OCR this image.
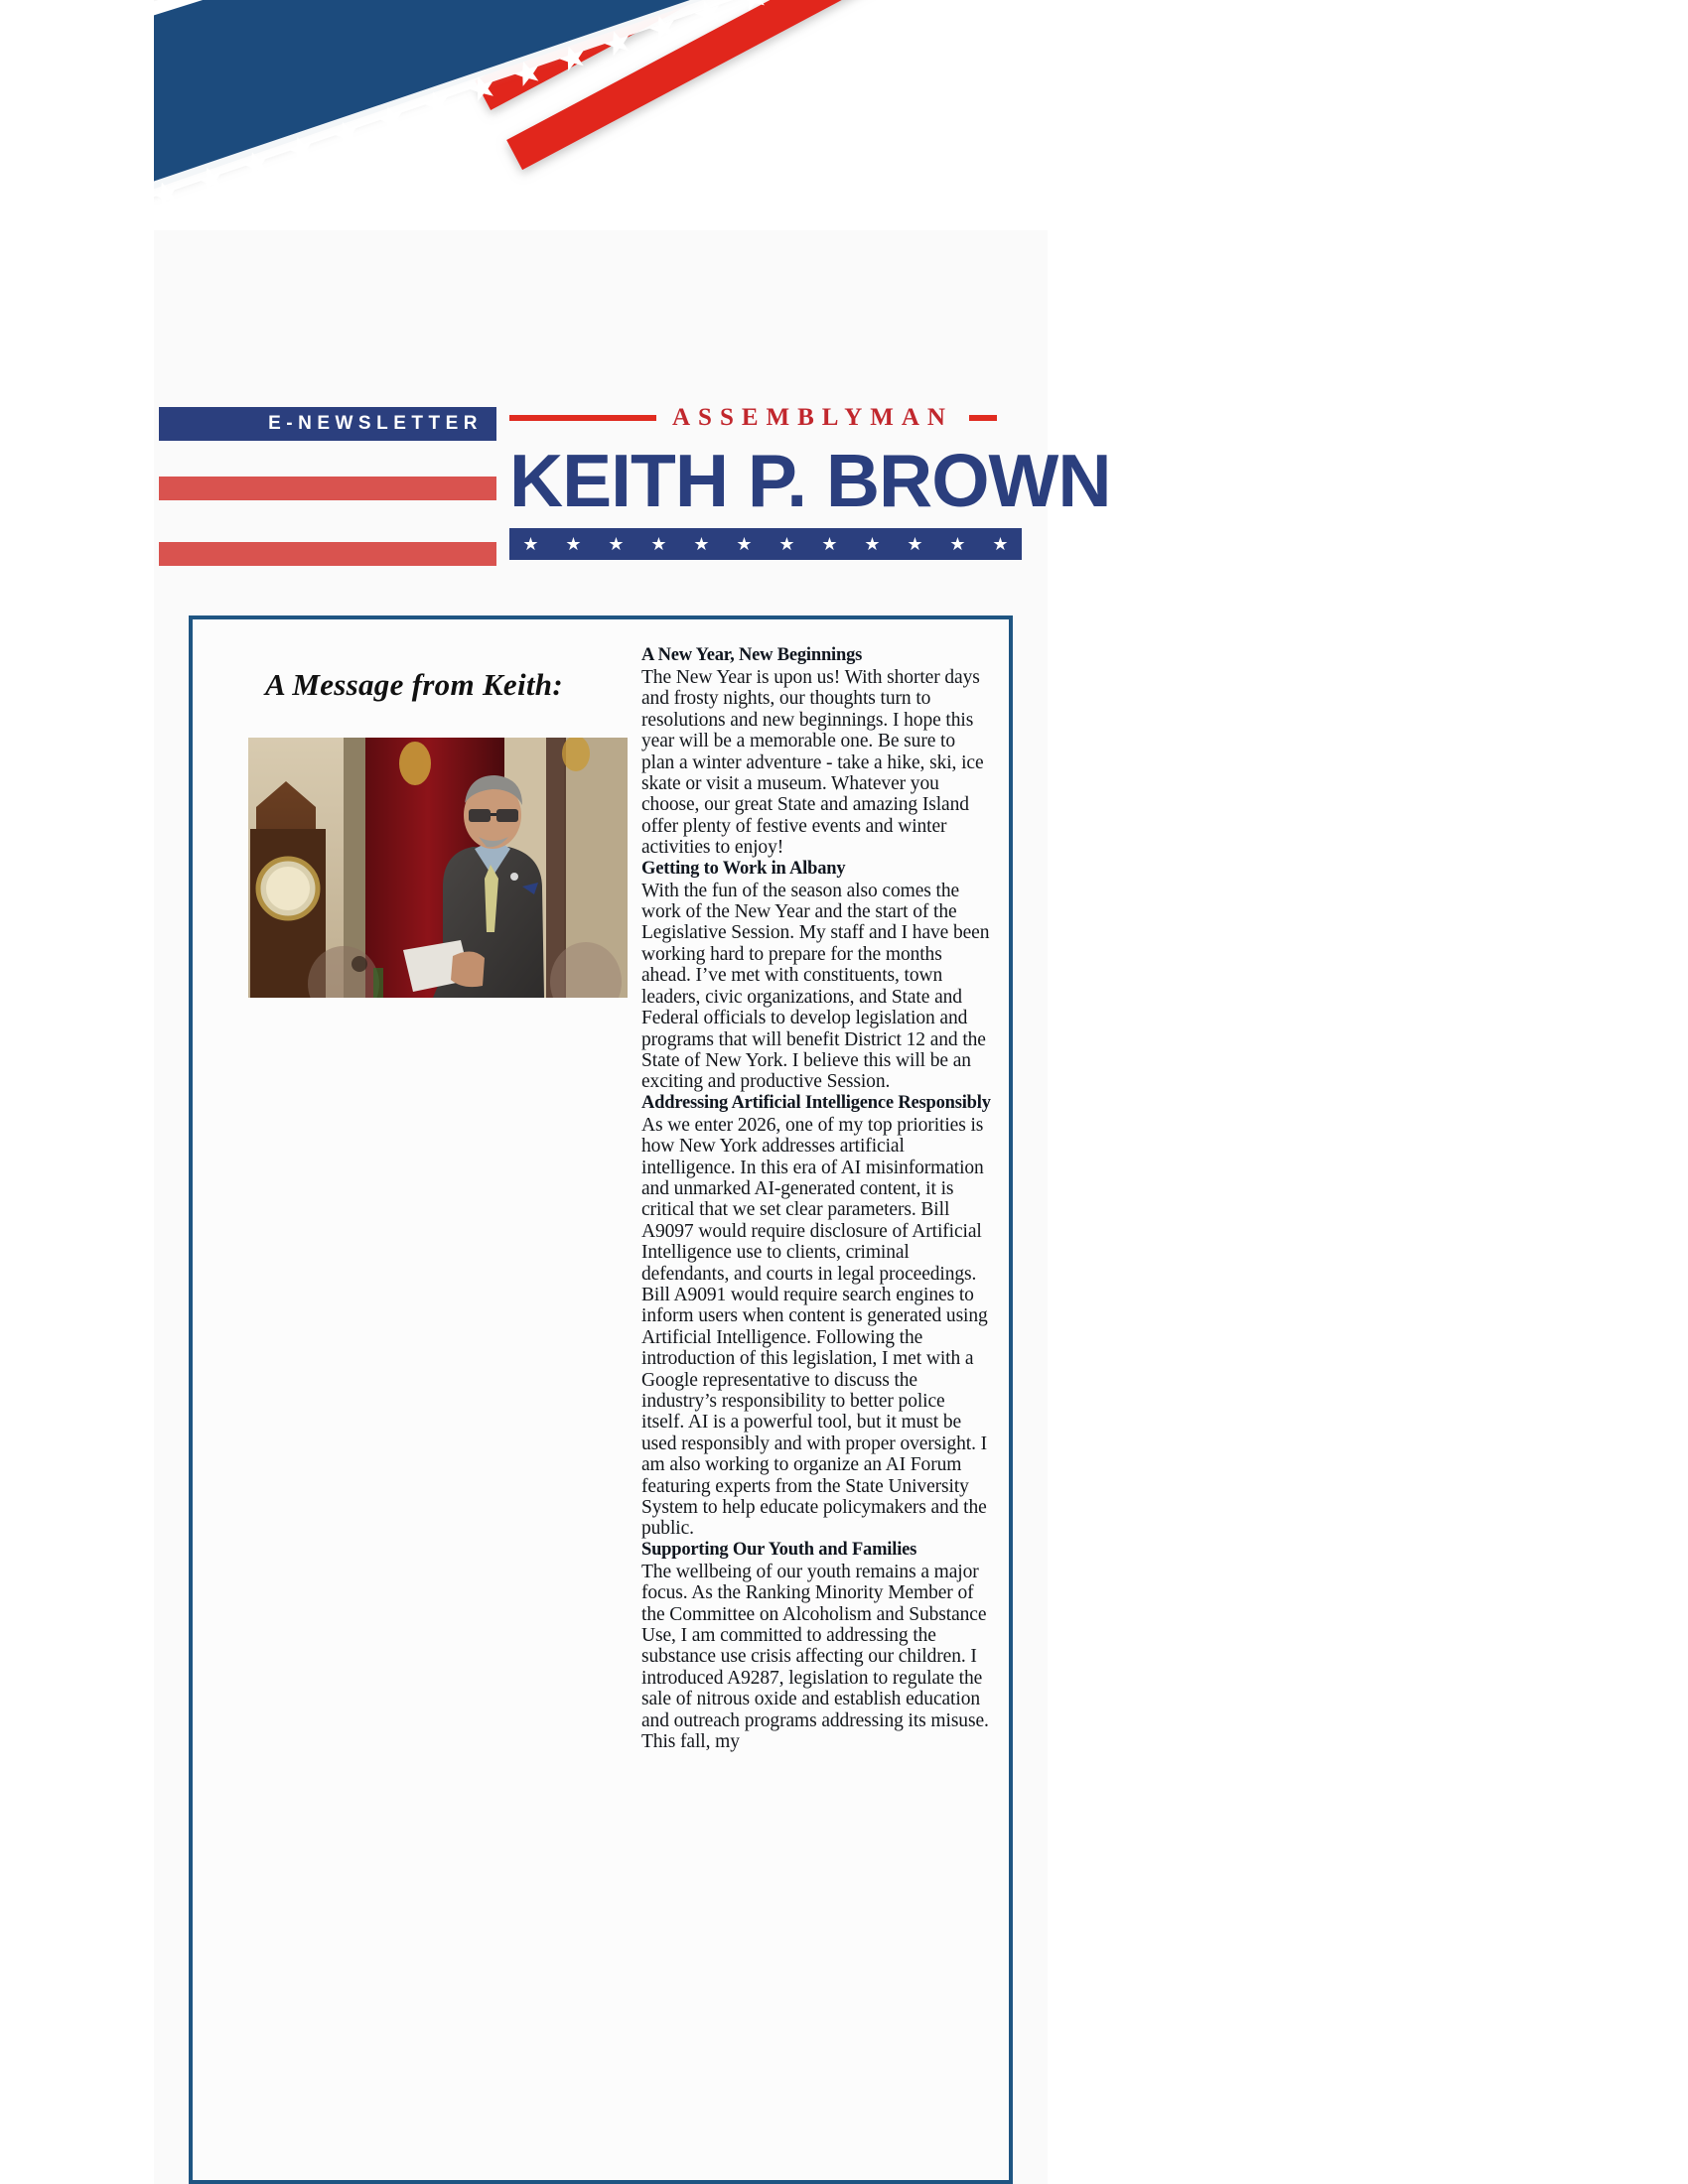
E-NEWSLETTER	ASSEMBLYMAN
KEITH P. BROWN
★ ★ ★ ★ ★ ★ ★ ★ ★ ★ ★ ★
A Message from Keith:

A New Year, New Beginnings

The New Year is upon us! With shorter days and frosty nights, our thoughts turn to resolutions and new beginnings. I hope this year will be a memorable one. Be sure to plan a winter adventure - take a hike, ski, ice skate or visit a museum. Whatever you choose, our great State and amazing Island offer plenty of festive events and winter activities to enjoy!

Getting to Work in Albany

With the fun of the season also comes the work of the New Year and the start of the Legislative Session. My staff and I have been working hard to prepare for the months ahead. I’ve met with constituents, town leaders, civic organizations, and State and Federal officials to develop legislation and programs that will benefit District 12 and the State of New York. I believe this will be an exciting and productive Session.

Addressing Artificial Intelligence Responsibly

As we enter 2026, one of my top priorities is how New York addresses artificial intelligence. In this era of AI misinformation and unmarked AI-generated content, it is critical that we set clear parameters. Bill A9097 would require disclosure of Artificial Intelligence use to clients, criminal defendants, and courts in legal proceedings. Bill A9091 would require search engines to inform users when content is generated using Artificial Intelligence. Following the introduction of this legislation, I met with a Google representative to discuss the industry’s responsibility to better police itself. AI is a powerful tool, but it must be used responsibly and with proper oversight. I am also working to organize an AI Forum featuring experts from the State University System to help educate policymakers and the public.

Supporting Our Youth and Families

The wellbeing of our youth remains a major focus. As the Ranking Minority Member of the Committee on Alcoholism and Substance Use, I am committed to addressing the substance use crisis affecting our children. I introduced A9287, legislation to regulate the sale of nitrous oxide and establish education and outreach programs addressing its misuse. This fall, my
